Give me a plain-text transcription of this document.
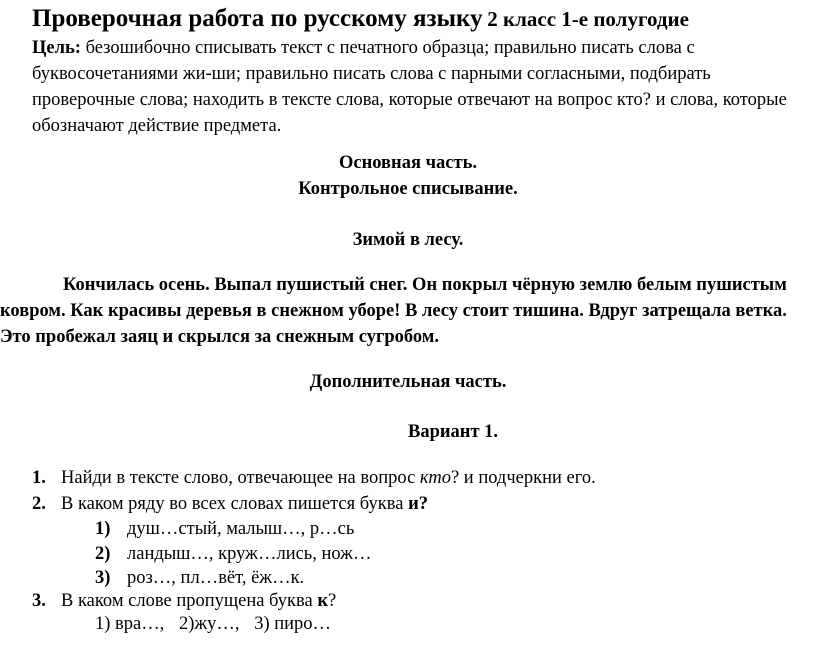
Проверочная работа по русскому языку 2 класс 1-е полугодие
Цель: безошибочно списывать текст с печатного образца; правильно писать слова с буквосочетаниями жи-ши; правильно писать слова с парными согласными, подбирать проверочные слова; находить в тексте слова, которые отвечают на вопрос кто? и слова, которые обозначают действие предмета.
Основная часть.
Контрольное списывание.
Зимой в лесу.
Кончилась осень. Выпал пушистый снег. Он покрыл чёрную землю белым пушистым ковром. Как красивы деревья в снежном уборе! В лесу стоит тишина. Вдруг затрещала ветка. Это пробежал заяц и скрылся за снежным сугробом.
Дополнительная часть.
Вариант 1.
1. Найди в тексте слово, отвечающее на вопрос кто? и подчеркни его.
2. В каком ряду во всех словах пишется буква и?
1) душ…стый, малыш…, р…сь
2) ландыш…, круж…лись, нож…
3) роз…, пл…вёт, ёж…к.
3. В каком слове пропущена буква к?
1) вра…, 2)жу…, 3) пиро…
